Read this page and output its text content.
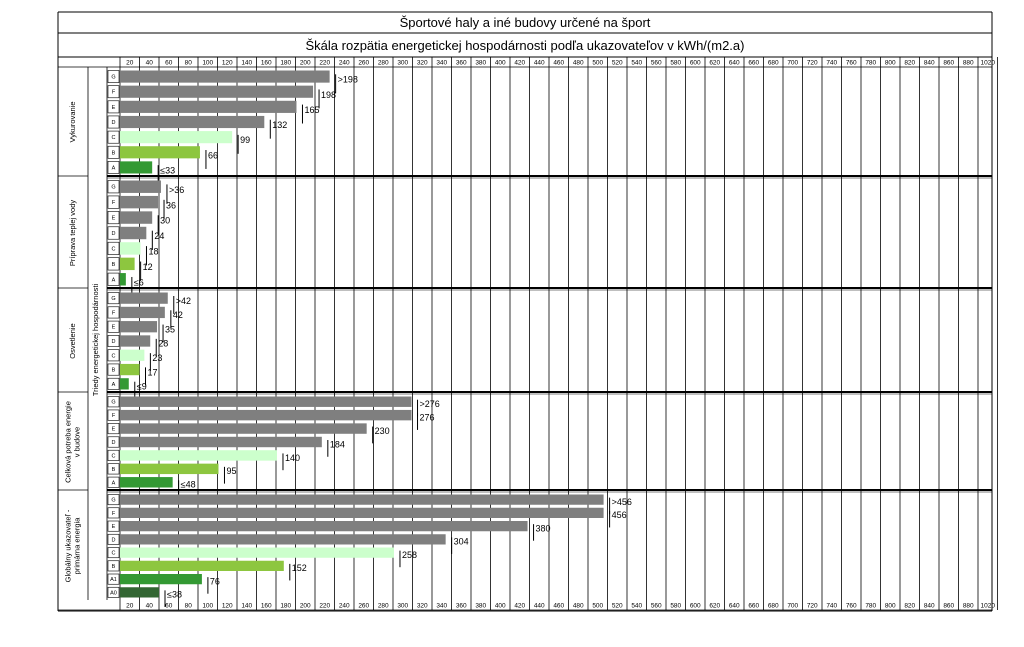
Športové haly a iné budovy určené na šport
Škála rozpätia energetickej hospodárnosti podľa ukazovateľov v kWh/(m2.a)
20 40 60 80 100 120 140 160 180 200 220 240 260 280 300 320 340 360 380 400 420 440 460 480 500 520 540 560 580 600 620 640 660 680 700 720 740 760 780 800 820 840 860 880 1020
20 40 60 80 100 120 140 160 180 200 220 240 260 280 300 320 340 360 380 400 420 440 460 480 500 520 540 560 580 600 620 640 660 680 700 720 740 760 780 800 820 840 860 880 1020
Vykurovanie
G	>198
F	198
E	165
D	132
C	99
B	66
A	≤33
Príprava teplej vody
G	>36
F	36
E	30
D	24
C	18
B	12
A ≤6
Osvetlenie
G	>42
F	42
E	35
D	28
C	23
B	17
A ≤9
Celková potreba energie v budove
G	>276
F	276
E	230
D	184
C	140
B	95
A	≤48
Globálny ukazovateľ - primárna energia
G	>456
F	456
E	380
D	304
C	258
B	152
A1	76
A0	≤38
Triedy energetickej hospodárnosti
